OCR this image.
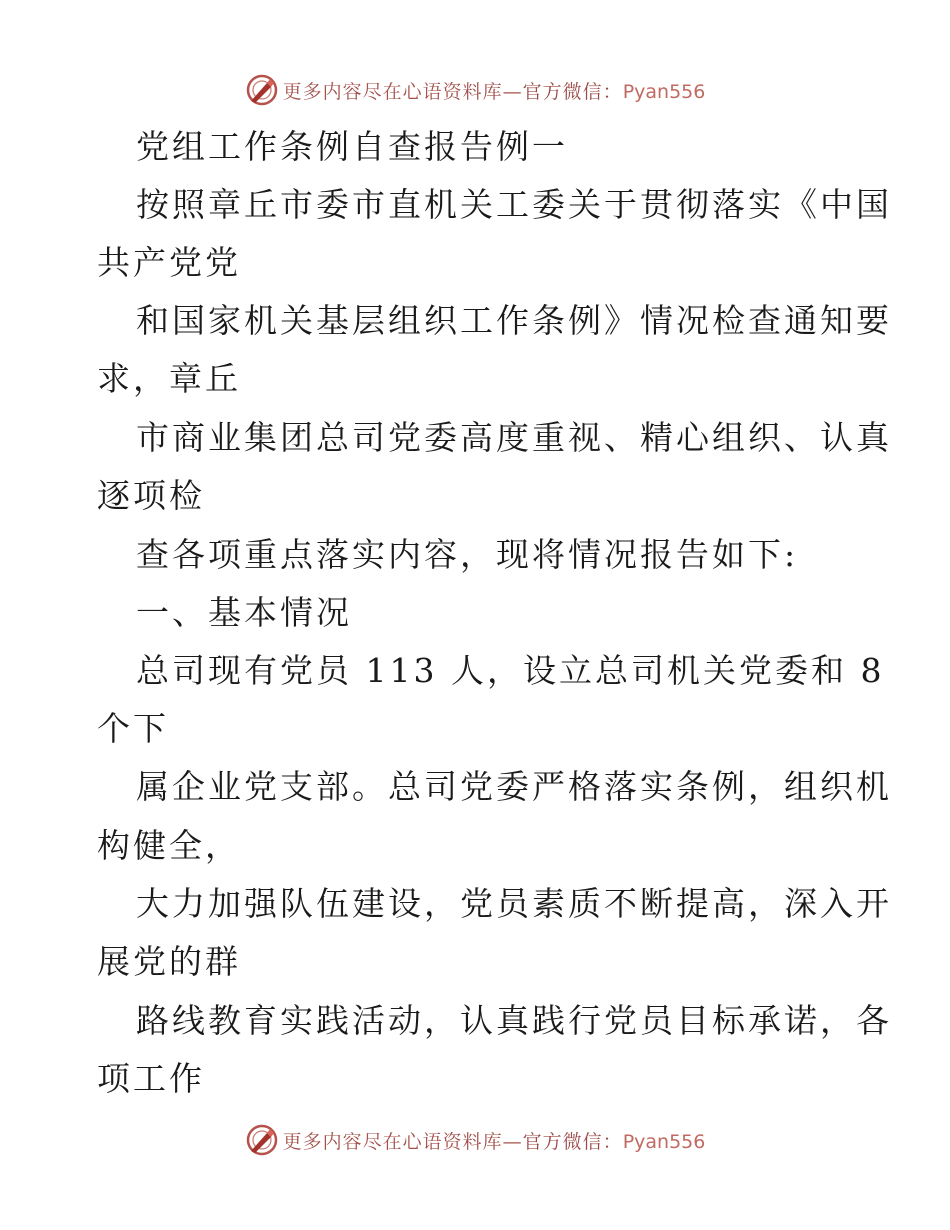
更多内容尽在心语资料库—官方微信：Pyan556
党组工作条例自查报告例一
按照章丘市委市直机关工委关于贯彻落实《中国
共产党党
和国家机关基层组织工作条例》情况检查通知要
求，章丘
市商业集团总司党委高度重视、精心组织、认真
逐项检
查各项重点落实内容，现将情况报告如下:
一、基本情况
总司现有党员 113 人，设立总司机关党委和 8
个下
属企业党支部。总司党委严格落实条例，组织机
构健全，
大力加强队伍建设，党员素质不断提高，深入开
展党的群
路线教育实践活动，认真践行党员目标承诺，各
项工作
更多内容尽在心语资料库—官方微信：Pyan556
